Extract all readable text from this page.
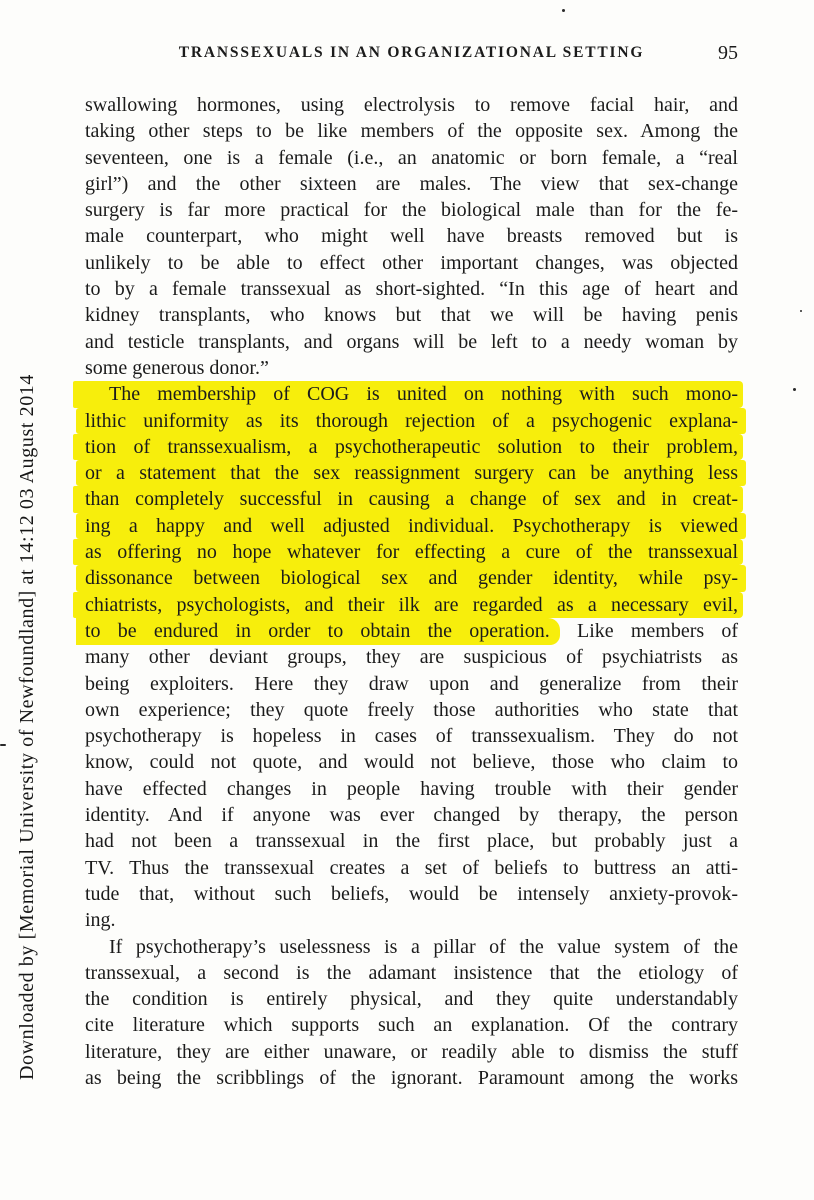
Downloaded by [Memorial University of Newfoundland] at 14:12 03 August 2014
TRANSSEXUALS IN AN ORGANIZATIONAL SETTING	95
swallowing hormones, using electrolysis to remove facial hair, and
taking other steps to be like members of the opposite sex. Among the
seventeen, one is a female (i.e., an anatomic or born female, a “real
girl”) and the other sixteen are males. The view that sex-change
surgery is far more practical for the biological male than for the fe-
male counterpart, who might well have breasts removed but is
unlikely to be able to effect other important changes, was objected
to by a female transsexual as short-sighted. “In this age of heart and
kidney transplants, who knows but that we will be having penis
and testicle transplants, and organs will be left to a needy woman by
some generous donor.”
The membership of COG is united on nothing with such mono-
lithic uniformity as its thorough rejection of a psychogenic explana-
tion of transsexualism, a psychotherapeutic solution to their problem,
or a statement that the sex reassignment surgery can be anything less
than completely successful in causing a change of sex and in creat-
ing a happy and well adjusted individual. Psychotherapy is viewed
as offering no hope whatever for effecting a cure of the transsexual
dissonance between biological sex and gender identity, while psy-
chiatrists, psychologists, and their ilk are regarded as a necessary evil,
to be endured in order to obtain the operation. Like members of
many other deviant groups, they are suspicious of psychiatrists as
being exploiters. Here they draw upon and generalize from their
own experience; they quote freely those authorities who state that
psychotherapy is hopeless in cases of transsexualism. They do not
know, could not quote, and would not believe, those who claim to
have effected changes in people having trouble with their gender
identity. And if anyone was ever changed by therapy, the person
had not been a transsexual in the first place, but probably just a
TV. Thus the transsexual creates a set of beliefs to buttress an atti-
tude that, without such beliefs, would be intensely anxiety-provok-
ing.
If psychotherapy’s uselessness is a pillar of the value system of the
transsexual, a second is the adamant insistence that the etiology of
the condition is entirely physical, and they quite understandably
cite literature which supports such an explanation. Of the contrary
literature, they are either unaware, or readily able to dismiss the stuff
as being the scribblings of the ignorant. Paramount among the works
